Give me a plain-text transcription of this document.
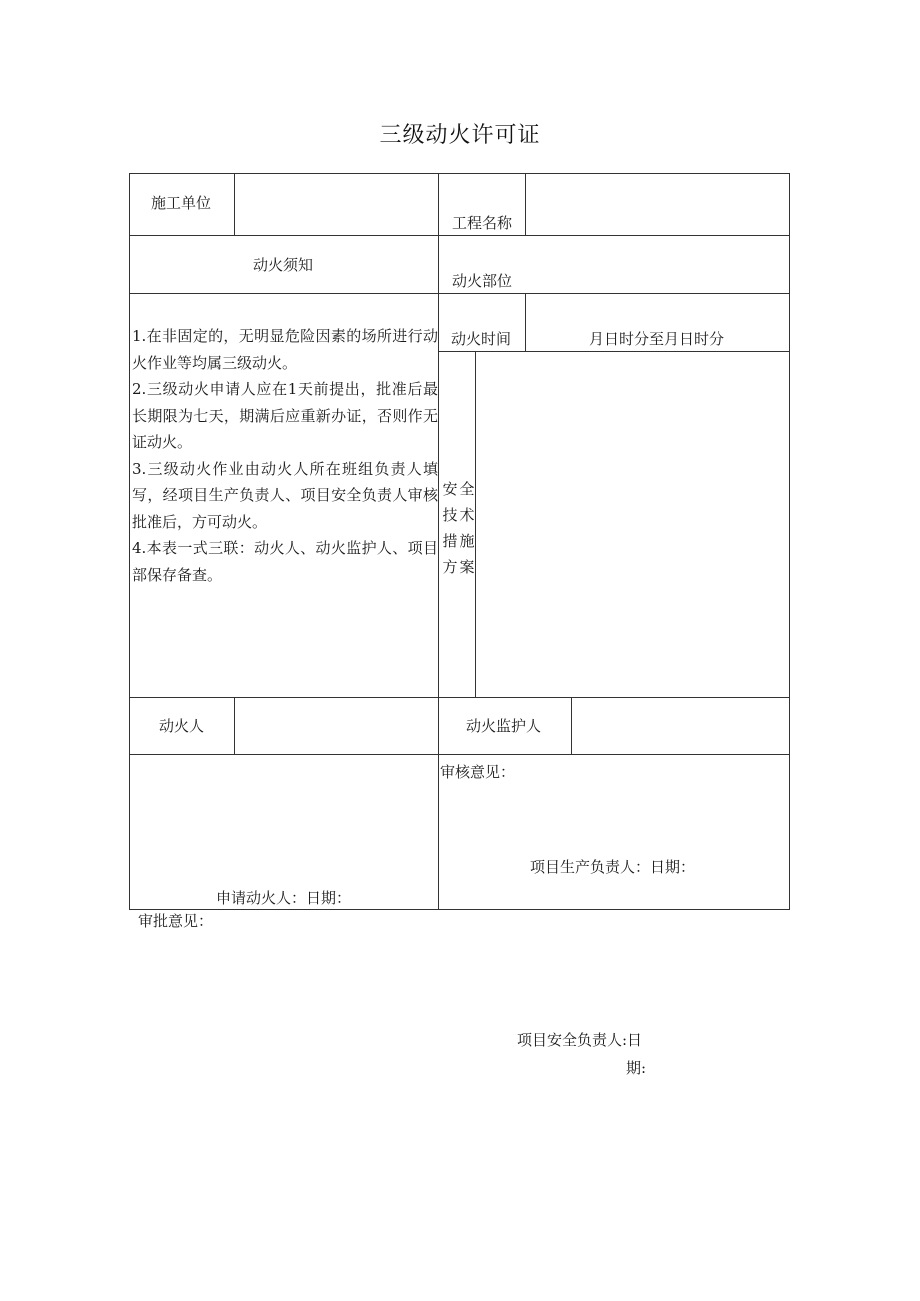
三级动火许可证
施工单位
工程名称
动火须知
动火部位
动火时间	月日时分至月日时分

1.在非固定的，无明显危险因素的场所进行动火作业等均属三级动火。

2.三级动火申请人应在1天前提出，批准后最长期限为七天，期满后应重新办证，否则作无证动火。

3.三级动火作业由动火人所在班组负责人填写，经项目生产负责人、项目安全负责人审核批准后，方可动火。

4.本表一式三联：动火人、动火监护人、项目部保存备查。

安技措方
全术施案
动火人	动火监护人
申请动火人：日期：
审核意见：
项目生产负责人：日期：
审批意见：
项目安全负责人:日
期:
